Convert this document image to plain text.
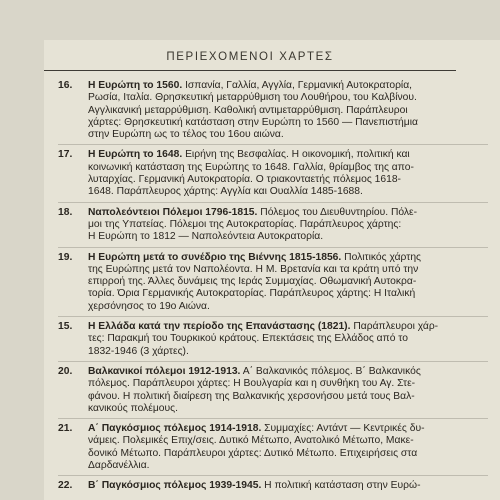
ΠΕΡΙΕΧΟΜΕΝΟΙ ΧΑΡΤΕΣ
16. Η Ευρώπη το 1560. Ισπανία, Γαλλία, Αγγλία, Γερμανική Αυτοκρατορία,
Ρωσία, Ιταλία. Θρησκευτική μεταρρύθμιση του Λουθήρου, του Καλβίνου.
Αγγλικανική μεταρρύθμιση. Καθολική αντιμεταρρύθμιση. Παράπλευροι
χάρτες: Θρησκευτική κατάσταση στην Ευρώπη το 1560 — Πανεπιστήμια
στην Ευρώπη ως το τέλος του 16ου αιώνα.
17. Η Ευρώπη το 1648. Ειρήνη της Βεσφαλίας. Η οικονομική, πολιτική και
κοινωνική κατάσταση της Ευρώπης το 1648. Γαλλία, θρίαμβος της απο-
λυταρχίας. Γερμανική Αυτοκρατορία. Ο τριακονταετής πόλεμος 1618-
1648. Παράπλευρος χάρτης: Αγγλία και Ουαλλία 1485-1688.
18. Ναπολεόντειοι Πόλεμοι 1796-1815. Πόλεμος του Διευθυντηρίου. Πόλε-
μοι της Υπατείας. Πόλεμοι της Αυτοκρατορίας. Παράπλευρος χάρτης:
Η Ευρώπη το 1812 — Ναπολεόντεια Αυτοκρατορία.
19. Η Ευρώπη μετά το συνέδριο της Βιέννης 1815-1856. Πολιτικός χάρτης
της Ευρώπης μετά τον Ναπολέοντα. Η Μ. Βρετανία και τα κράτη υπό την
επιρροή της. Άλλες δυνάμεις της Ιεράς Συμμαχίας. Οθωμανική Αυτοκρα-
τορία. Όρια Γερμανικής Αυτοκρατορίας. Παράπλευρος χάρτης: Η Ιταλική
χερσόνησος το 19ο Αιώνα.
15. Η Ελλάδα κατά την περίοδο της Επανάστασης (1821). Παράπλευροι χάρ-
τες: Παρακμή του Τουρκικού κράτους. Επεκτάσεις της Ελλάδος από το
1832-1946 (3 χάρτες).
20. Βαλκανικοί πόλεμοι 1912-1913. Α΄ Βαλκανικός πόλεμος. Β΄ Βαλκανικός
πόλεμος. Παράπλευροι χάρτες: Η Βουλγαρία και η συνθήκη του Αγ. Στε-
φάνου. Η πολιτική διαίρεση της Βαλκανικής χερσονήσου μετά τους Βαλ-
κανικούς πολέμους.
21. Α΄ Παγκόσμιος πόλεμος 1914-1918. Συμμαχίες: Αντάντ — Κεντρικές δυ-
νάμεις. Πολεμικές Επιχ/σεις. Δυτικό Μέτωπο, Ανατολικό Μέτωπο, Μακε-
δονικό Μέτωπο. Παράπλευροι χάρτες: Δυτικό Μέτωπο. Επιχειρήσεις στα
Δαρδανέλλια.
22. Β΄ Παγκόσμιος πόλεμος 1939-1945. Η πολιτική κατάσταση στην Ευρώ-
